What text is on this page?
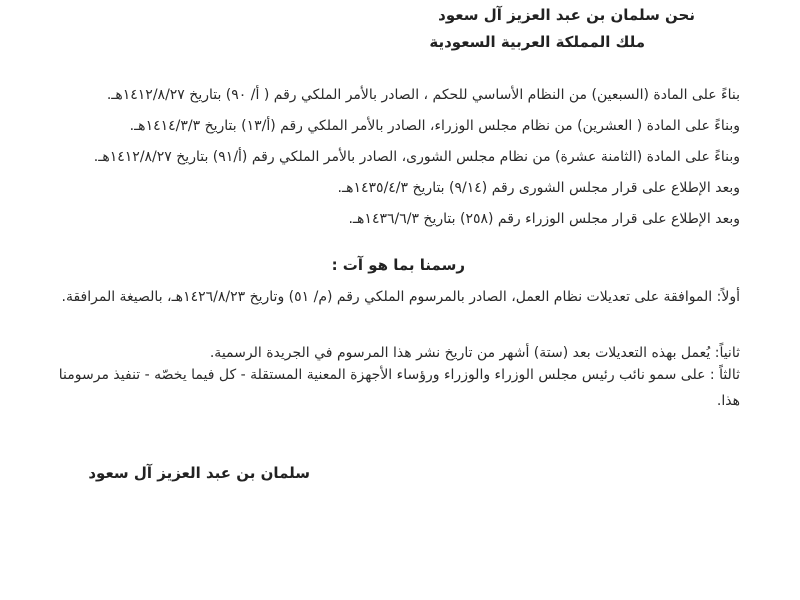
نحن سلمان بن عبد العزيز آل سعود
ملك المملكة العربية السعودية
بناءً على المادة (السبعين) من النظام الأساسي للحكم ، الصادر بالأمر الملكي رقم ( أ/ ٩٠) بتاريخ ١٤١٢/٨/٢٧هـ.
وبناءً على المادة ( العشرين) من نظام مجلس الوزراء، الصادر بالأمر الملكي رقم (أ/١٣) بتاريخ ١٤١٤/٣/٣هـ.
وبناءً على المادة (الثامنة عشرة) من نظام مجلس الشورى، الصادر بالأمر الملكي رقم (أ/٩١) بتاريخ ١٤١٢/٨/٢٧هـ.
وبعد الإطلاع على قرار مجلس الشورى رقم (٩/١٤) بتاريخ ١٤٣٥/٤/٣هـ.
وبعد الإطلاع على قرار مجلس الوزراء رقم (٢٥٨) بتاريخ ١٤٣٦/٦/٣هـ.
رسمنا بما هو آت :
أولاً: الموافقة على تعديلات نظام العمل، الصادر بالمرسوم الملكي رقم (م/ ٥١) وتاريخ ١٤٢٦/٨/٢٣هـ، بالصيغة المرافقة.
ثانياً: يُعمل بهذه التعديلات بعد (ستة) أشهر من تاريخ نشر هذا المرسوم في الجريدة الرسمية.
ثالثاً : على سمو نائب رئيس مجلس الوزراء والوزراء ورؤساء الأجهزة المعنية المستقلة - كل فيما يخصّه - تنفيذ مرسومنا هذا.
سلمان بن عبد العزيز آل سعود
